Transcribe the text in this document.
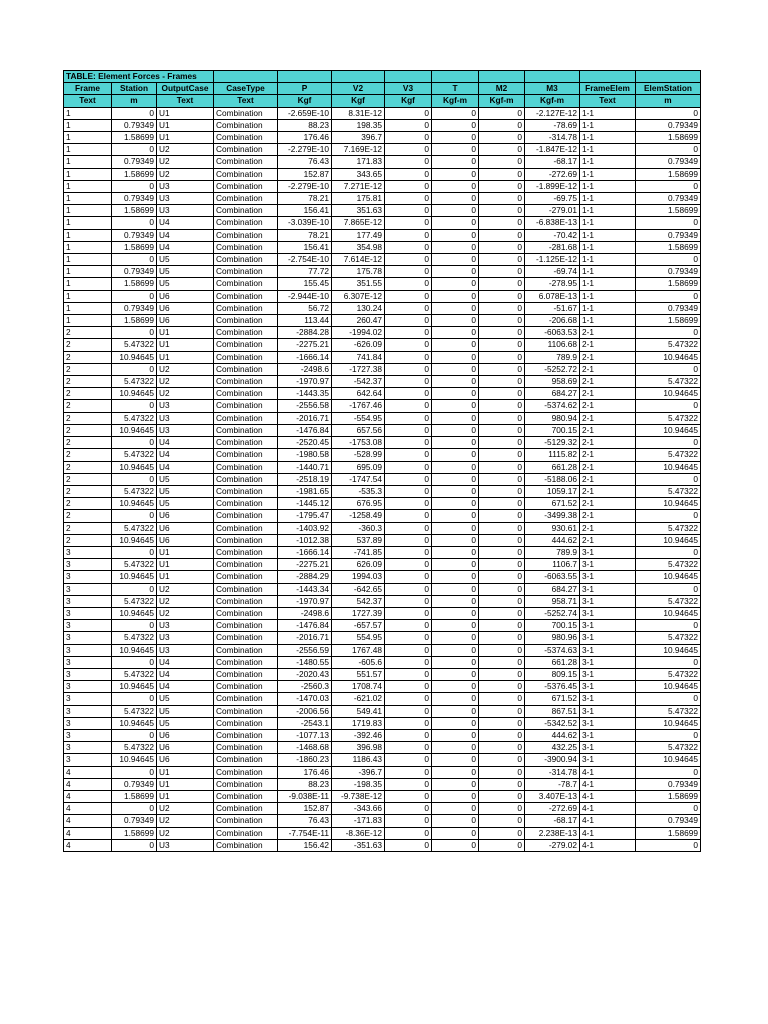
TABLE: Element Forces - Frames											
Frame	Station	OutputCase	CaseType	P	V2	V3	T	M2	M3	FrameElem	ElemStation
Text	m	Text	Text	Kgf	Kgf	Kgf	Kgf-m	Kgf-m	Kgf-m	Text	m
1	0	U1	Combination	-2.659E-10	8.31E-12	0	0	0	-2.127E-12	1-1	0
1	0.79349	U1	Combination	88.23	198.35	0	0	0	-78.69	1-1	0.79349
1	1.58699	U1	Combination	176.46	396.7	0	0	0	-314.78	1-1	1.58699
1	0	U2	Combination	-2.279E-10	7.169E-12	0	0	0	-1.847E-12	1-1	0
1	0.79349	U2	Combination	76.43	171.83	0	0	0	-68.17	1-1	0.79349
1	1.58699	U2	Combination	152.87	343.65	0	0	0	-272.69	1-1	1.58699
1	0	U3	Combination	-2.279E-10	7.271E-12	0	0	0	-1.899E-12	1-1	0
1	0.79349	U3	Combination	78.21	175.81	0	0	0	-69.75	1-1	0.79349
1	1.58699	U3	Combination	156.41	351.63	0	0	0	-279.01	1-1	1.58699
1	0	U4	Combination	-3.039E-10	7.865E-12	0	0	0	-6.838E-13	1-1	0
1	0.79349	U4	Combination	78.21	177.49	0	0	0	-70.42	1-1	0.79349
1	1.58699	U4	Combination	156.41	354.98	0	0	0	-281.68	1-1	1.58699
1	0	U5	Combination	-2.754E-10	7.614E-12	0	0	0	-1.125E-12	1-1	0
1	0.79349	U5	Combination	77.72	175.78	0	0	0	-69.74	1-1	0.79349
1	1.58699	U5	Combination	155.45	351.55	0	0	0	-278.95	1-1	1.58699
1	0	U6	Combination	-2.944E-10	6.307E-12	0	0	0	6.078E-13	1-1	0
1	0.79349	U6	Combination	56.72	130.24	0	0	0	-51.67	1-1	0.79349
1	1.58699	U6	Combination	113.44	260.47	0	0	0	-206.68	1-1	1.58699
2	0	U1	Combination	-2884.28	-1994.02	0	0	0	-6063.53	2-1	0
2	5.47322	U1	Combination	-2275.21	-626.09	0	0	0	1106.68	2-1	5.47322
2	10.94645	U1	Combination	-1666.14	741.84	0	0	0	789.9	2-1	10.94645
2	0	U2	Combination	-2498.6	-1727.38	0	0	0	-5252.72	2-1	0
2	5.47322	U2	Combination	-1970.97	-542.37	0	0	0	958.69	2-1	5.47322
2	10.94645	U2	Combination	-1443.35	642.64	0	0	0	684.27	2-1	10.94645
2	0	U3	Combination	-2556.58	-1767.46	0	0	0	-5374.62	2-1	0
2	5.47322	U3	Combination	-2016.71	-554.95	0	0	0	980.94	2-1	5.47322
2	10.94645	U3	Combination	-1476.84	657.56	0	0	0	700.15	2-1	10.94645
2	0	U4	Combination	-2520.45	-1753.08	0	0	0	-5129.32	2-1	0
2	5.47322	U4	Combination	-1980.58	-528.99	0	0	0	1115.82	2-1	5.47322
2	10.94645	U4	Combination	-1440.71	695.09	0	0	0	661.28	2-1	10.94645
2	0	U5	Combination	-2518.19	-1747.54	0	0	0	-5188.06	2-1	0
2	5.47322	U5	Combination	-1981.65	-535.3	0	0	0	1059.17	2-1	5.47322
2	10.94645	U5	Combination	-1445.12	676.95	0	0	0	671.52	2-1	10.94645
2	0	U6	Combination	-1795.47	-1258.49	0	0	0	-3499.38	2-1	0
2	5.47322	U6	Combination	-1403.92	-360.3	0	0	0	930.61	2-1	5.47322
2	10.94645	U6	Combination	-1012.38	537.89	0	0	0	444.62	2-1	10.94645
3	0	U1	Combination	-1666.14	-741.85	0	0	0	789.9	3-1	0
3	5.47322	U1	Combination	-2275.21	626.09	0	0	0	1106.7	3-1	5.47322
3	10.94645	U1	Combination	-2884.29	1994.03	0	0	0	-6063.55	3-1	10.94645
3	0	U2	Combination	-1443.34	-642.65	0	0	0	684.27	3-1	0
3	5.47322	U2	Combination	-1970.97	542.37	0	0	0	958.71	3-1	5.47322
3	10.94645	U2	Combination	-2498.6	1727.39	0	0	0	-5252.74	3-1	10.94645
3	0	U3	Combination	-1476.84	-657.57	0	0	0	700.15	3-1	0
3	5.47322	U3	Combination	-2016.71	554.95	0	0	0	980.96	3-1	5.47322
3	10.94645	U3	Combination	-2556.59	1767.48	0	0	0	-5374.63	3-1	10.94645
3	0	U4	Combination	-1480.55	-605.6	0	0	0	661.28	3-1	0
3	5.47322	U4	Combination	-2020.43	551.57	0	0	0	809.15	3-1	5.47322
3	10.94645	U4	Combination	-2560.3	1708.74	0	0	0	-5376.45	3-1	10.94645
3	0	U5	Combination	-1470.03	-621.02	0	0	0	671.52	3-1	0
3	5.47322	U5	Combination	-2006.56	549.41	0	0	0	867.51	3-1	5.47322
3	10.94645	U5	Combination	-2543.1	1719.83	0	0	0	-5342.52	3-1	10.94645
3	0	U6	Combination	-1077.13	-392.46	0	0	0	444.62	3-1	0
3	5.47322	U6	Combination	-1468.68	396.98	0	0	0	432.25	3-1	5.47322
3	10.94645	U6	Combination	-1860.23	1186.43	0	0	0	-3900.94	3-1	10.94645
4	0	U1	Combination	176.46	-396.7	0	0	0	-314.78	4-1	0
4	0.79349	U1	Combination	88.23	-198.35	0	0	0	-78.7	4-1	0.79349
4	1.58699	U1	Combination	-9.038E-11	-9.738E-12	0	0	0	3.407E-13	4-1	1.58699
4	0	U2	Combination	152.87	-343.66	0	0	0	-272.69	4-1	0
4	0.79349	U2	Combination	76.43	-171.83	0	0	0	-68.17	4-1	0.79349
4	1.58699	U2	Combination	-7.754E-11	-8.36E-12	0	0	0	2.238E-13	4-1	1.58699
4	0	U3	Combination	156.42	-351.63	0	0	0	-279.02	4-1	0
